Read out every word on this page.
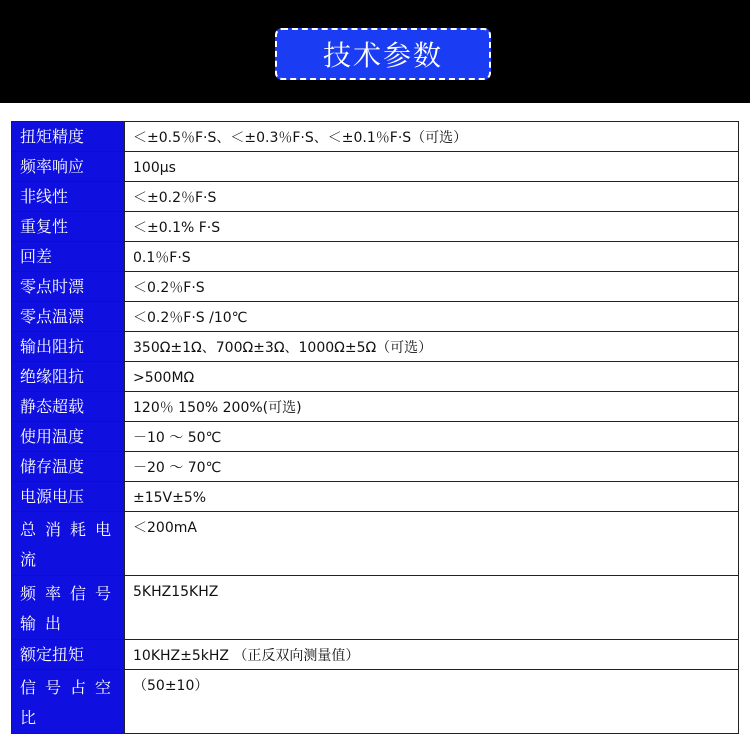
技术参数
扭矩精度	＜±0.5％F·S、＜±0.3％F·S、＜±0.1％F·S（可选）
频率响应	100μs
非线性	＜±0.2％F·S
重复性	＜±0.1% F·S
回差	0.1％F·S
零点时漂	＜0.2％F·S
零点温漂	＜0.2％F·S /10℃
输出阻抗	350Ω±1Ω、700Ω±3Ω、1000Ω±5Ω（可选）
绝缘阻抗	>500MΩ
静态超载	120％ 150% 200%(可选)
使用温度	－10 ～ 50℃
储存温度	－20 ～ 70℃
电源电压	±15V±5%
总消耗电流	＜200mA
频率信号输出	5KHZ15KHZ
额定扭矩	10KHZ±5kHZ （正反双向测量值）
信号占空比	（50±10）
